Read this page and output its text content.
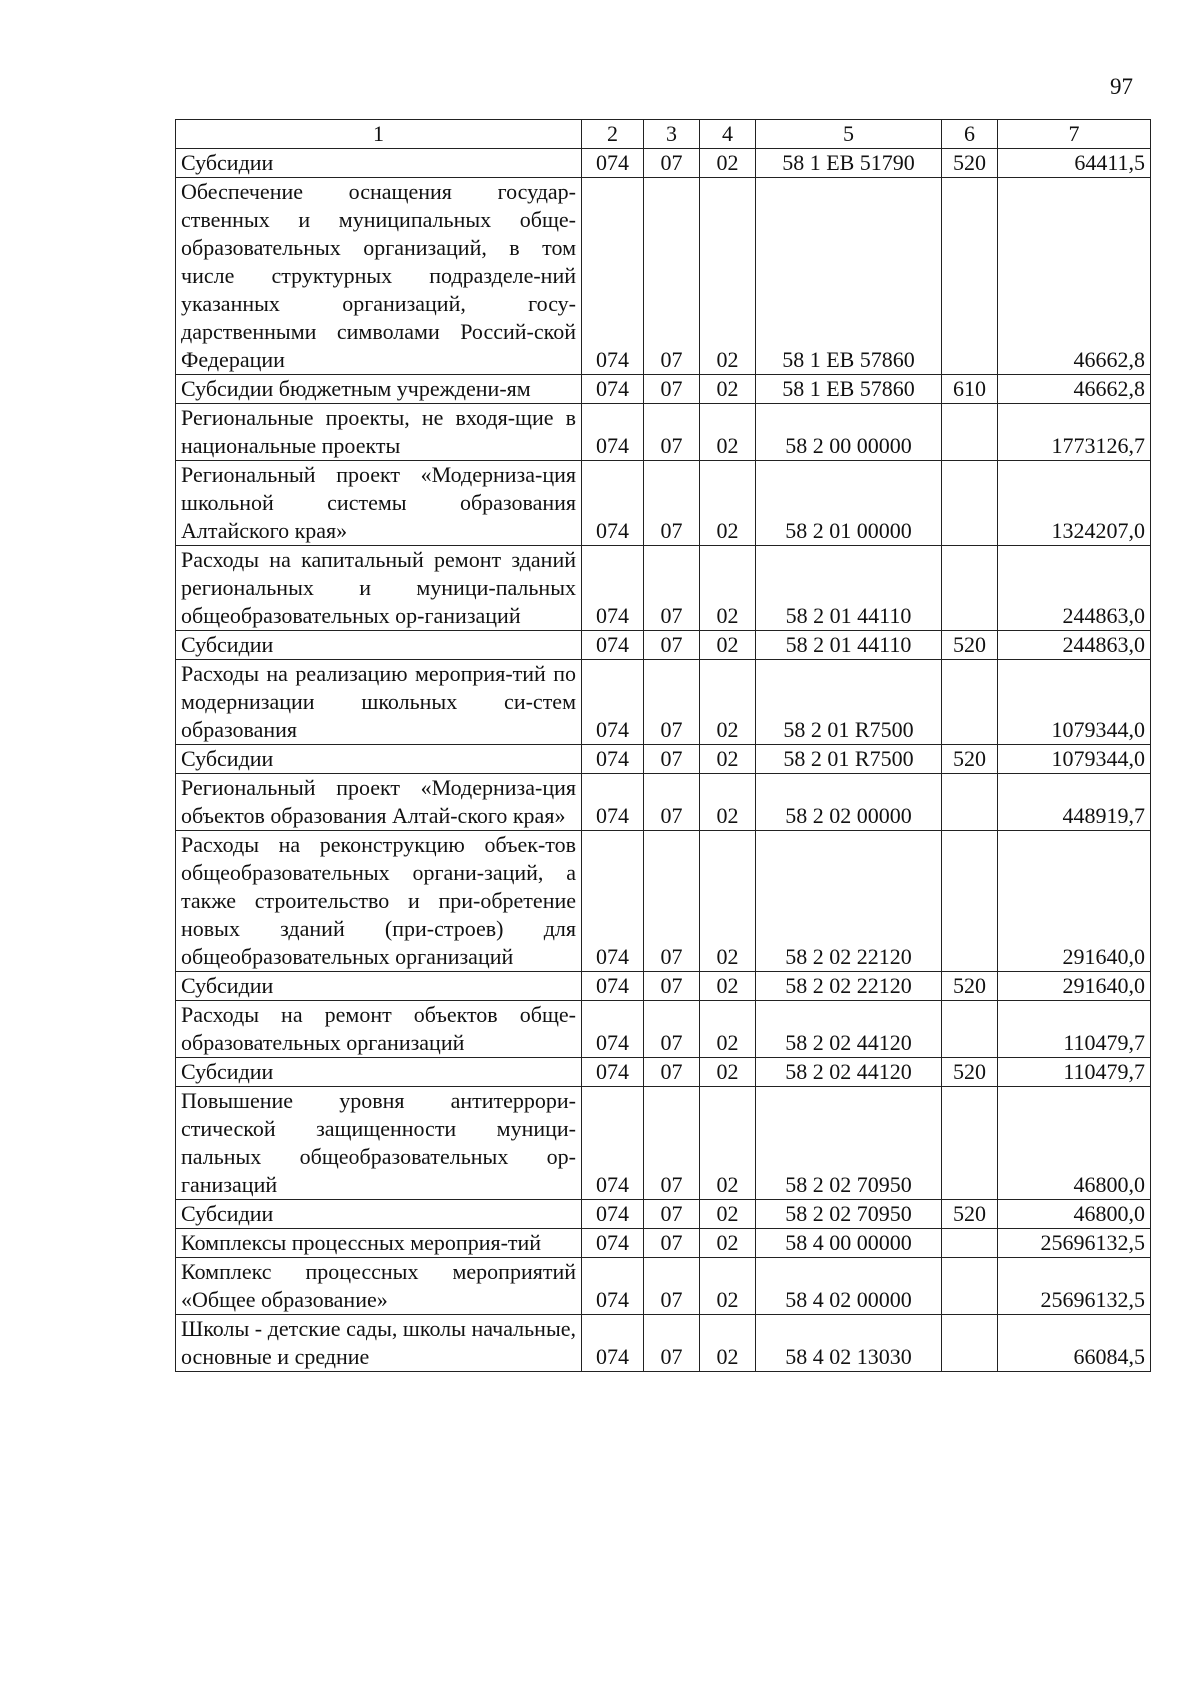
97
1	2	3	4	5	6	7
Субсидии	074	07	02	58 1 ЕВ 51790	520	64411,5
Обеспечение оснащения государ-ственных и муниципальных обще-образовательных организаций, в том числе структурных подразделе-ний указанных организаций, госу-дарственными символами Россий-ской Федерации	074	07	02	58 1 ЕВ 57860		46662,8
Субсидии бюджетным учреждени-ям	074	07	02	58 1 ЕВ 57860	610	46662,8
Региональные проекты, не входя-щие в национальные проекты	074	07	02	58 2 00 00000		1773126,7
Региональный проект «Модерниза-ция школьной системы образования Алтайского края»	074	07	02	58 2 01 00000		1324207,0
Расходы на капитальный ремонт зданий региональных и муници-пальных общеобразовательных ор-ганизаций	074	07	02	58 2 01 44110		244863,0
Субсидии	074	07	02	58 2 01 44110	520	244863,0
Расходы на реализацию мероприя-тий по модернизации школьных си-стем образования	074	07	02	58 2 01 R7500		1079344,0
Субсидии	074	07	02	58 2 01 R7500	520	1079344,0
Региональный проект «Модерниза-ция объектов образования Алтай-ского края»	074	07	02	58 2 02 00000		448919,7
Расходы на реконструкцию объек-тов общеобразовательных органи-заций, а также строительство и при-обретение новых зданий (при-строев) для общеобразовательных организаций	074	07	02	58 2 02 22120		291640,0
Субсидии	074	07	02	58 2 02 22120	520	291640,0
Расходы на ремонт объектов обще-образовательных организаций	074	07	02	58 2 02 44120		110479,7
Субсидии	074	07	02	58 2 02 44120	520	110479,7
Повышение уровня антитеррори-стической защищенности муници-пальных общеобразовательных ор-ганизаций	074	07	02	58 2 02 70950		46800,0
Субсидии	074	07	02	58 2 02 70950	520	46800,0
Комплексы процессных мероприя-тий	074	07	02	58 4 00 00000		25696132,5
Комплекс процессных мероприятий «Общее образование»	074	07	02	58 4 02 00000		25696132,5
Школы - детские сады, школы начальные, основные и средние	074	07	02	58 4 02 13030		66084,5
